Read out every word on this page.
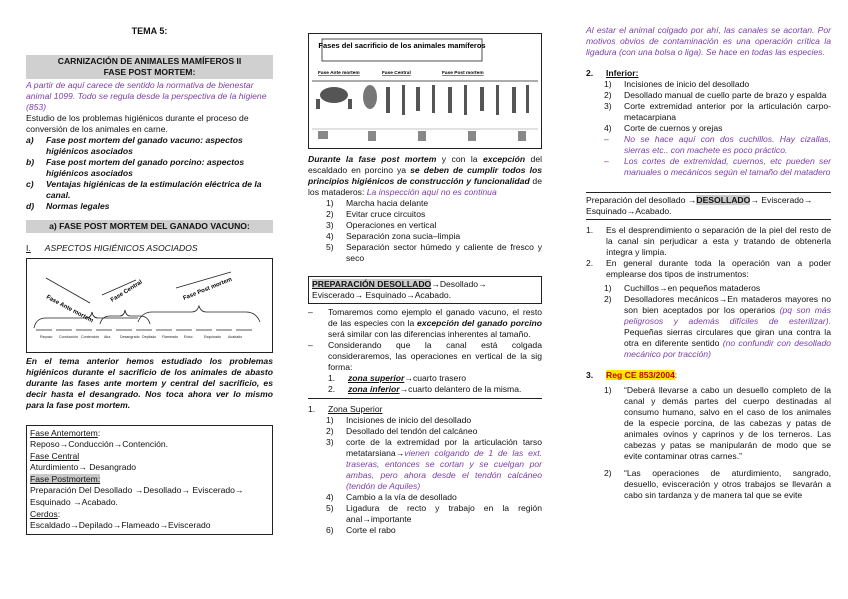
TEMA 5:

CARNIZACIÓN DE ANIMALES MAMÍFEROS II
FASE POST MORTEM:

A partir de aquí carece de sentido la normativa de bienestar animal 1099. Todo se regula desde la perspectiva de la higiene (853)

Estudio de los problemas higiénicos durante el proceso de conversión de los animales en carne.

a)	Fase post mortem del ganado vacuno: aspectos higiénicos asociados
b)	Fase post mortem del ganado porcino: aspectos higiénicos asociados
c)	Ventajas higiénicas de la estimulación eléctrica de la canal.
d)	Normas legales
a) FASE POST MORTEM DEL GANADO VACUNO:

I. ASPECTOS HIGIÉNICOS ASOCIADOS

Fase Ante mortem
Fase Central	Fase Post mortem
Reposo Conducción Contención Atur. Desangrado Depilado Flameado Evisc.	Esquinado Acabado

En el tema anterior hemos estudiado los problemas higiénicos durante el sacrificio de los animales de abasto durante las fases ante mortem y central del sacrificio, es decir hasta el desangrado. Nos toca ahora ver lo mismo para la fase post mortem.

Fase Antemortem:
Reposo→Conducción→Contención.
Fase Central
Aturdimiento→ Desangrado
Fase Postmortem:
Preparación Del Desollado →Desollado→ Eviscerado→ Esquinado →Acabado.
Cerdos:
Escaldado→Depilado→Flameado→Eviscerado
Fases del sacrificio de los animales mamíferos
Fase Ante mortem	Fase Central	Fase Post mortem

Durante la fase post mortem y con la excepción del escaldado en porcino ya se deben de cumplir todos los principios higiénicos de construcción y funcionalidad de los mataderos: La inspección aquí no es continua

1)	Marcha hacia delante
2)	Evitar cruce circuitos
3)	Operaciones en vertical
4)	Separación zona sucia–limpia
5)	Separación sector húmedo y caliente de fresco y seco
PREPARACIÓN DESOLLADO→Desollado→ Eviscerado→ Esquinado→Acabado.
–	Tomaremos como ejemplo el ganado vacuno, el resto de las especies con la excepción del ganado porcino será similar con las diferencias inherentes al tamaño.
–	Considerando que la canal está colgada consideraremos, las operaciones en vertical de la sig forma:
1.	zona superior→cuarto trasero
2.	zona inferior→cuarto delantero de la misma.

1.	Zona Superior

1)	Incisiones de inicio del desollado
2)	Desollado del tendón del calcáneo
3)	corte de la extremidad por la articulación tarso metatarsiana→vienen colgando de 1 de las ext. traseras, entonces se cortan y se cuelgan por ambas, pero ahora desde el tendón calcáneo (tendón de Aquiles)
4)	Cambio a la vía de desollado
5)	Ligadura de recto y trabajo en la región anal→importante
6)	Corte el rabo

Al estar el animal colgado por ahí, las canales se acortan. Por motivos obvios de contaminación es una operación crítica la ligadura (con una bolsa o liga). Se hace en todas las especies.

2.	Inferior:

1)	Incisiones de inicio del desollado
2)	Desollado manual de cuello parte de brazo y espalda
3)	Corte extremidad anterior por la articulación carpo-metacarpiana
4)	Corte de cuernos y orejas
–	No se hace aquí con dos cuchillos. Hay cizallas, sierras etc.. con machete es poco práctico.
–	Los cortes de extremidad, cuernos, etc pueden ser manuales o mecánicos según el tamaño del matadero
Preparación del desollado →DESOLLADO→ Eviscerado→ Esquinado→Acabado.
1.	Es el desprendimiento o separación de la piel del resto de la canal sin perjudicar a esta y tratando de obtenerla íntegra y limpia.
2.	En general durante toda la operación van a poder emplearse dos tipos de instrumentos:
1)	Cuchillos→en pequeños mataderos
2)	Desolladores mecánicos→En mataderos mayores no son bien aceptados por los operarios (pq son más peligrosos y además difíciles de esterilizar). Pequeñas sierras circulares que giran una contra la otra en diferente sentido (no confundir con desollado mecánico por tracción)

3.	Reg CE 853/2004:

1)	“Deberá llevarse a cabo un desuello completo de la canal y demás partes del cuerpo destinadas al consumo humano, salvo en el caso de los animales de la especie porcina, de las cabezas y patas de animales ovinos y caprinos y de los terneros. Las cabezas y patas se manipularán de modo que se evite contaminar otras carnes.”
2)	“Las operaciones de aturdimiento, sangrado, desuello, evisceración y otros trabajos se llevarán a cabo sin tardanza y de manera tal que se evite
